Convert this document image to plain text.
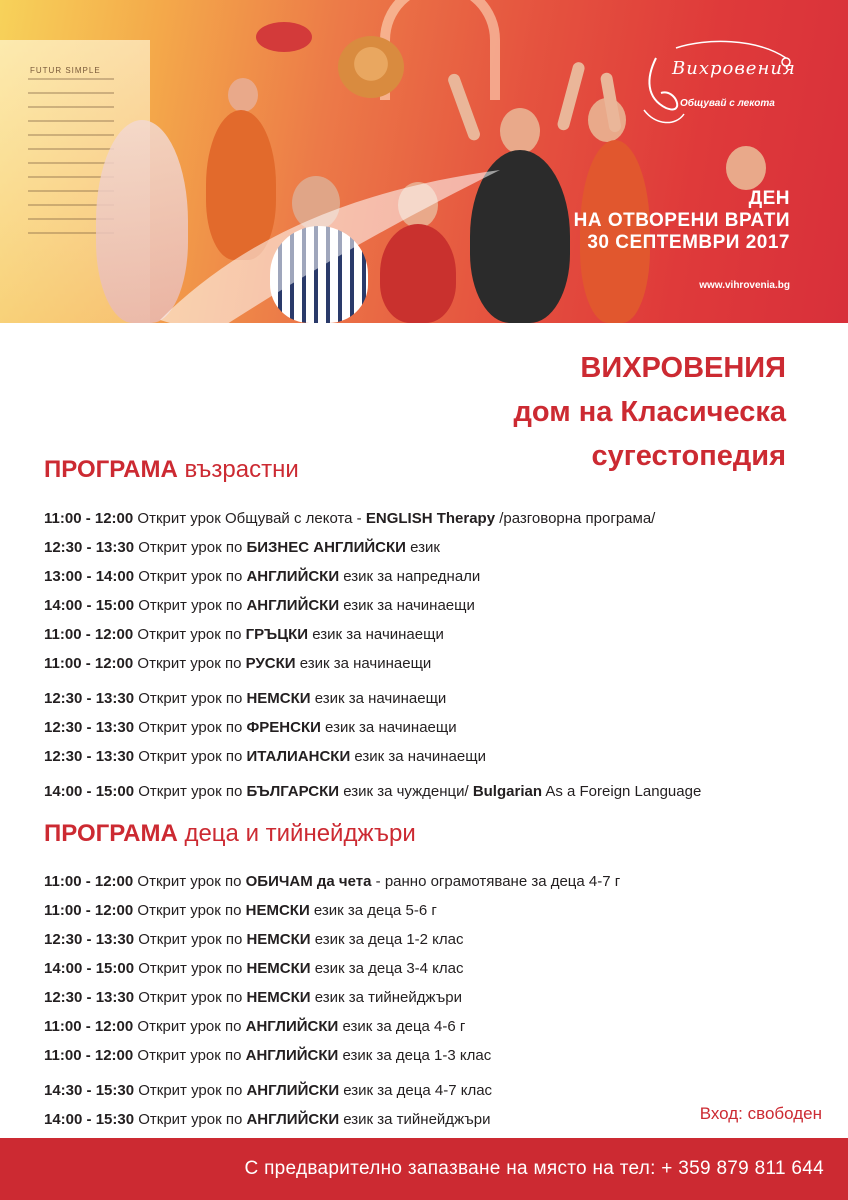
FUTUR SIMPLE	Вихровения
Общувай с лекота
ДЕН
НА ОТВОРЕНИ ВРАТИ
30 СЕПТЕМВРИ 2017
www.vihrovenia.bg
ВИХРОВЕНИЯ
дом на Класическа
сугестопедия
ПРОГРАМА възрастни
11:00 - 12:00 Открит урок Общувай с лекота - ENGLISH Therapy /разговорна програма/
12:30 - 13:30 Открит урок по БИЗНЕС АНГЛИЙСКИ език
13:00 - 14:00 Открит урок по АНГЛИЙСКИ език за напреднали
14:00 - 15:00 Открит урок по АНГЛИЙСКИ език за начинаещи
11:00 - 12:00 Открит урок по ГРЪЦКИ език за начинаещи
11:00 - 12:00 Открит урок по РУСКИ език за начинаещи
12:30 - 13:30 Открит урок по НЕМСКИ език за начинаещи
12:30 - 13:30 Открит урок по ФРЕНСКИ език за начинаещи
12:30 - 13:30 Открит урок по ИТАЛИАНСКИ език за начинаещи
14:00 - 15:00 Открит урок по БЪЛГАРСКИ език за чужденци/ Bulgarian As a Foreign Language
ПРОГРАМА деца и тийнейджъри
11:00 - 12:00 Открит урок по ОБИЧАМ да чета - ранно ограмотяване за деца 4-7 г
11:00 - 12:00 Открит урок по НЕМСКИ език за деца 5-6 г
12:30 - 13:30 Открит урок по НЕМСКИ език за деца 1-2 клас
14:00 - 15:00 Открит урок по НЕМСКИ език за деца 3-4 клас
12:30 - 13:30 Открит урок по НЕМСКИ език за тийнейджъри
11:00 - 12:00 Открит урок по АНГЛИЙСКИ език за деца 4-6 г
11:00 - 12:00 Открит урок по АНГЛИЙСКИ език за деца 1-3 клас
14:30 - 15:30 Открит урок по АНГЛИЙСКИ език за деца 4-7 клас
14:00 - 15:30 Открит урок по АНГЛИЙСКИ език за тийнейджъри	Вход: свободен
С предварително запазване на място на тел: + 359 879 811 644
